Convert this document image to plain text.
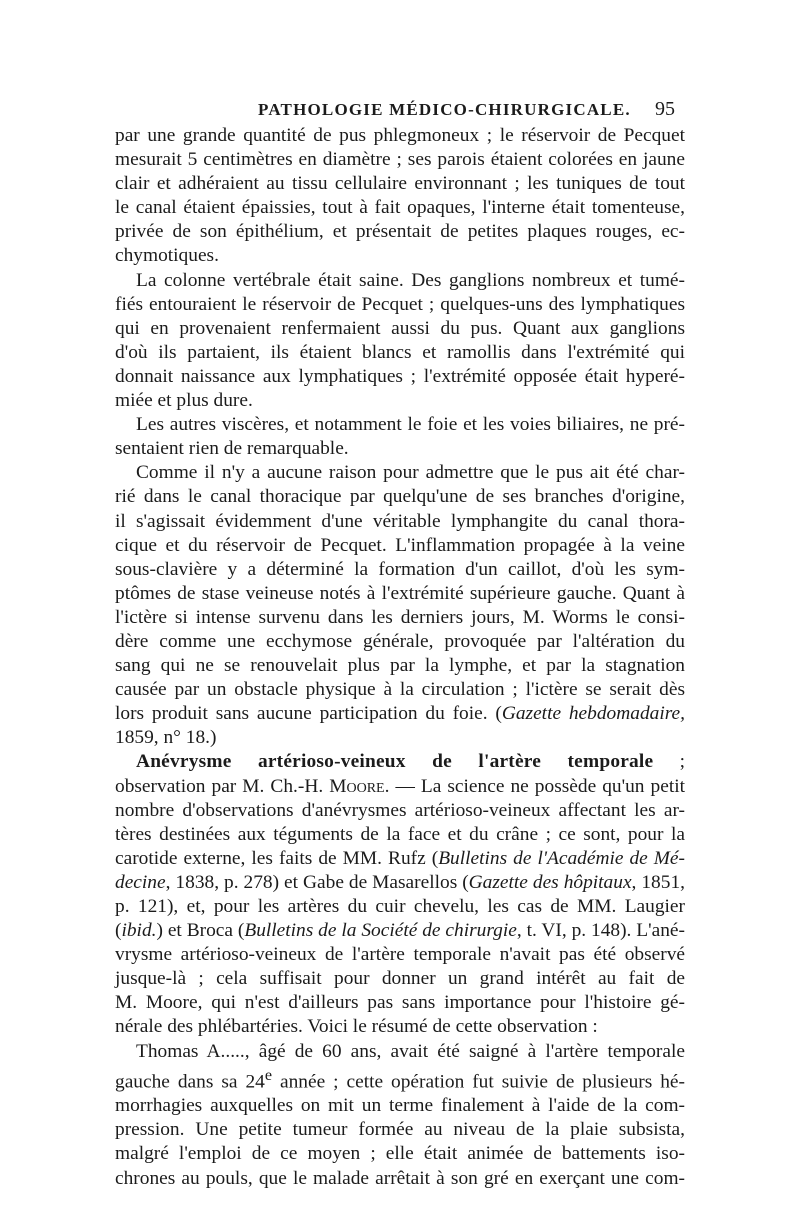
PATHOLOGIE MÉDICO-CHIRURGICALE. 95
par une grande quantité de pus phlegmoneux ; le réservoir de Pecquet
mesurait 5 centimètres en diamètre ; ses parois étaient colorées en jaune
clair et adhéraient au tissu cellulaire environnant ; les tuniques de tout
le canal étaient épaissies, tout à fait opaques, l'interne était tomenteuse,
privée de son épithélium, et présentait de petites plaques rouges, ec-
chymotiques.
La colonne vertébrale était saine. Des ganglions nombreux et tumé-
fiés entouraient le réservoir de Pecquet ; quelques-uns des lymphatiques
qui en provenaient renfermaient aussi du pus. Quant aux ganglions
d'où ils partaient, ils étaient blancs et ramollis dans l'extrémité qui
donnait naissance aux lymphatiques ; l'extrémité opposée était hyperé-
miée et plus dure.
Les autres viscères, et notamment le foie et les voies biliaires, ne pré-
sentaient rien de remarquable.
Comme il n'y a aucune raison pour admettre que le pus ait été char-
rié dans le canal thoracique par quelqu'une de ses branches d'origine,
il s'agissait évidemment d'une véritable lymphangite du canal thora-
cique et du réservoir de Pecquet. L'inflammation propagée à la veine
sous-clavière y a déterminé la formation d'un caillot, d'où les sym-
ptômes de stase veineuse notés à l'extrémité supérieure gauche. Quant à
l'ictère si intense survenu dans les derniers jours, M. Worms le consi-
dère comme une ecchymose générale, provoquée par l'altération du
sang qui ne se renouvelait plus par la lymphe, et par la stagnation
causée par un obstacle physique à la circulation ; l'ictère se serait dès
lors produit sans aucune participation du foie. (Gazette hebdomadaire,
1859, n° 18.)
Anévrysme artérioso-veineux de l'artère temporale ;
observation par M. Ch.-H. Moore. — La science ne possède qu'un petit
nombre d'observations d'anévrysmes artérioso-veineux affectant les ar-
tères destinées aux téguments de la face et du crâne ; ce sont, pour la
carotide externe, les faits de MM. Rufz (Bulletins de l'Académie de Mé-
decine, 1838, p. 278) et Gabe de Masarellos (Gazette des hôpitaux, 1851,
p. 121), et, pour les artères du cuir chevelu, les cas de MM. Laugier
(ibid.) et Broca (Bulletins de la Société de chirurgie, t. VI, p. 148). L'ané-
vrysme artérioso-veineux de l'artère temporale n'avait pas été observé
jusque-là ; cela suffisait pour donner un grand intérêt au fait de
M. Moore, qui n'est d'ailleurs pas sans importance pour l'histoire gé-
nérale des phlébartéries. Voici le résumé de cette observation :
Thomas A....., âgé de 60 ans, avait été saigné à l'artère temporale
gauche dans sa 24e année ; cette opération fut suivie de plusieurs hé-
morrhagies auxquelles on mit un terme finalement à l'aide de la com-
pression. Une petite tumeur formée au niveau de la plaie subsista,
malgré l'emploi de ce moyen ; elle était animée de battements iso-
chrones au pouls, que le malade arrêtait à son gré en exerçant une com-
